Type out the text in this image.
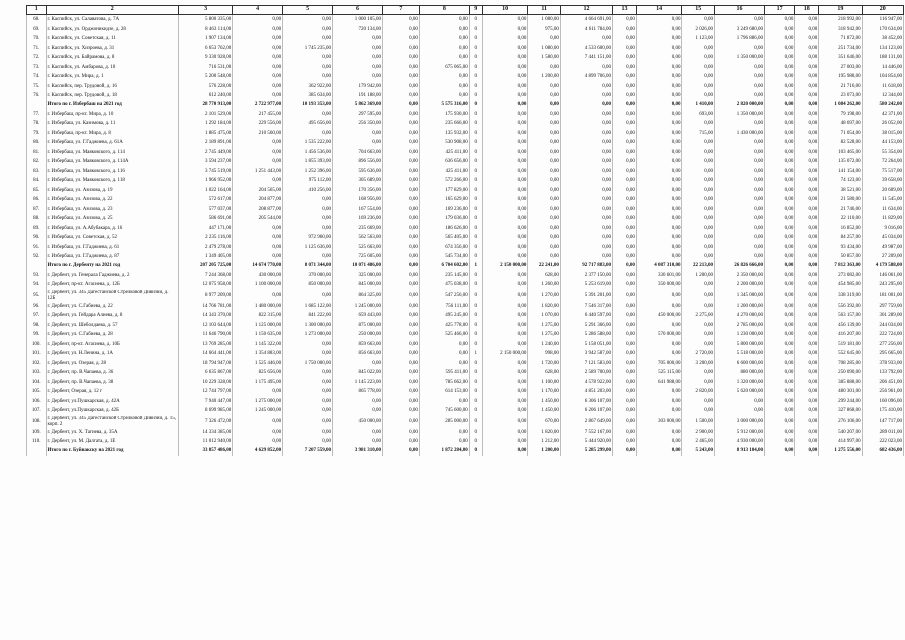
1	2	3	4	5	6	7	8	9	10	11	12	13	14	15	16	17	18	19	20
68.	г. Каспийск, ул. Салаватова, д. 7А	5 800 335,00	0,00	0,00	1 000 105,00	0,00	0,00	0	0,00	1 080,00	4 664 691,00	0,00	0,00	0,00	0,00	0,00	0,00	218 992,00	116 947,00
69.	г. Каспийск, ул. Орджоникидзе, д. 28	8 463 114,00	0,00	0,00	720 134,00	0,00	0,00	0	0,00	975,00	4 611 784,00	0,00	0,00	2 026,00	3 249 680,00	0,00	0,00	318 942,00	170 634,00
70.	г. Каспийск, ул. Советская, д. 11	1 907 134,00	0,00	0,00	0,00	0,00	0,00	0	0,00	0,00	0,00	0,00	0,00	1 123,00	1 796 886,00	0,00	0,00	71 872,00	38 452,00
71.	г. Каспийск, ул. Хизроева, д. 31	6 653 762,00	0,00	1 745 235,00	0,00	0,00	0,00	0	0,00	1 080,00	4 533 600,00	0,00	0,00	0,00	0,00	0,00	0,00	251 734,00	134 123,00
72.	г. Каспийск, ул. Байрамова, д. 8	9 330 928,00	0,00	0,00	0,00	0,00	0,00	0	0,00	1 580,00	7 441 151,00	0,00	0,00	0,00	1 350 000,00	0,00	0,00	351 646,00	188 131,00
73.	г. Каспийск, ул. Амбарова, д. 10	716 531,00	0,00	0,00	0,00	0,00	675 065,00	0	0,00	0,00	0,00	0,00	0,00	0,00	0,00	0,00	0,00	27 003,00	14 446,00
74.	г. Каспийск, ул. Мира, д. 1	5 200 548,00	0,00	0,00	0,00	0,00	0,00	0	0,00	1 200,00	4 899 706,00	0,00	0,00	0,00	0,00	0,00	0,00	195 988,00	104 854,00
75.	г. Каспийск, пер. Трудовой, д. 16	576 228,00	0,00	362 922,00	179 942,00	0,00	0,00	0	0,00	0,00	0,00	0,00	0,00	0,00	0,00	0,00	0,00	21 716,00	11 618,00
76.	г. Каспийск, пер. Трудовой, д. 18	612 240,00	0,00	385 634,00	191 188,00	0,00	0,00	0	0,00	0,00	0,00	0,00	0,00	0,00	0,00	0,00	0,00	23 073,00	12 344,00
	Итого по г. Избербаш на 2021 год	28 770 913,00	2 722 977,00	10 193 353,00	5 862 369,00	0,00	5 575 316,00	0	0,00	0,00	0,00	0,00	0,00	1 410,00	2 820 000,00	0,00	0,00	1 084 262,00	580 242,00
77.	г. Избербаш, пр-кт. Мира, д. 10	2 101 529,00	217 455,00	0,00	297 595,00	0,00	175 930,00	0	0,00	0,00	0,00	0,00	0,00	693,00	1 350 000,00	0,00	0,00	79 198,00	42 371,00
78.	г. Избербаш, ул. Казимова, д. 11	1 292 184,00	229 556,00	495 656,00	256 350,00	0,00	235 666,00	0	0,00	0,00	0,00	0,00	0,00	0,00	0,00	0,00	0,00	48 697,00	26 052,00
79.	г. Избербаш, пр-кт. Мира, д. 8	1 885 475,00	210 560,00	0,00	0,00	0,00	135 932,00	0	0,00	0,00	0,00	0,00	0,00	715,00	1 430 000,00	0,00	0,00	71 054,00	38 015,00
80.	г. Избербаш, ул. Г.Гаджиева, д. 61А	2 189 891,00	0,00	1 535 222,00	0,00	0,00	530 908,00	0	0,00	0,00	0,00	0,00	0,00	0,00	0,00	0,00	0,00	82 528,00	44 153,00
81.	г. Избербаш, ул. Маяковского, д. 114	2 745 449,00	0,00	1 456 536,00	704 663,00	0,00	425 411,00	0	0,00	0,00	0,00	0,00	0,00	0,00	0,00	0,00	0,00	103 465,00	55 354,00
82.	г. Избербаш, ул. Маяковского, д. 114А	3 594 237,00	0,00	1 855 393,00	896 556,00	0,00	636 656,00	0	0,00	0,00	0,00	0,00	0,00	0,00	0,00	0,00	0,00	135 072,00	72 264,00
83.	г. Избербаш, ул. Маяковского, д. 116	3 745 519,00	1 251 443,00	1 252 396,00	595 636,00	0,00	425 411,00	0	0,00	0,00	0,00	0,00	0,00	0,00	0,00	0,00	0,00	141 154,00	75 517,00
84.	г. Избербаш, ул. Маяковского, д. 118	1 966 952,00	0,00	975 112,00	305 689,00	0,00	572 266,00	0	0,00	0,00	0,00	0,00	0,00	0,00	0,00	0,00	0,00	74 123,00	39 658,00
85.	г. Избербаш, ул. Азизова, д. 19	1 022 164,00	204 565,00	410 256,00	170 356,00	0,00	177 829,00	0	0,00	0,00	0,00	0,00	0,00	0,00	0,00	0,00	0,00	38 521,00	20 609,00
86.	г. Избербаш, ул. Азизова, д. 22	572 617,00	204 877,00	0,00	168 956,00	0,00	165 629,00	0	0,00	0,00	0,00	0,00	0,00	0,00	0,00	0,00	0,00	21 580,00	11 545,00
87.	г. Избербаш, ул. Азизова, д. 23	577 037,00	208 877,00	0,00	167 554,00	0,00	169 236,00	0	0,00	0,00	0,00	0,00	0,00	0,00	0,00	0,00	0,00	21 746,00	11 634,00
88.	г. Избербаш, ул. Азизова, д. 25	586 691,00	205 544,00	0,00	169 236,00	0,00	179 036,00	0	0,00	0,00	0,00	0,00	0,00	0,00	0,00	0,00	0,00	22 110,00	11 829,00
89.	г. Избербаш, ул. А.Абубакара, д. 16	447 171,00	0,00	0,00	235 669,00	0,00	186 626,00	0	0,00	0,00	0,00	0,00	0,00	0,00	0,00	0,00	0,00	16 852,00	9 016,00
90.	г. Избербаш, ул. Советская, д. 52	2 235 116,00	0,00	972 960,00	562 563,00	0,00	565 405,00	0	0,00	0,00	0,00	0,00	0,00	0,00	0,00	0,00	0,00	84 257,00	45 034,00
91.	г. Избербаш, ул. Г.Гаджиева, д. 61	2 479 278,00	0,00	1 125 636,00	525 663,00	0,00	674 356,00	0	0,00	0,00	0,00	0,00	0,00	0,00	0,00	0,00	0,00	93 434,00	49 987,00
92.	г. Избербаш, ул. Г.Гаджиева, д. 87	1 349 405,00	0,00	0,00	725 605,00	0,00	545 734,00	0	0,00	0,00	0,00	0,00	0,00	0,00	0,00	0,00	0,00	50 857,00	27 209,00
	Итого по г. Дербенту на 2021 год	207 205 725,00	14 674 770,00	8 071 344,00	10 071 486,00	0,00	6 704 602,00	1	2 150 000,00	22 241,00	92 717 883,00	0,00	4 087 310,00	22 213,00	26 826 666,00	0,00	0,00	7 812 363,00	4 179 588,00
93.	г. Дербент, ул. Генерала Гаджиева, д. 2	7 244 368,00	430 000,00	370 000,00	325 000,00	0,00	235 145,00	0	0,00	628,00	2 377 150,00	0,00	330 601,00	1 200,00	2 350 000,00	0,00	0,00	273 082,00	146 061,00
94.	г. Дербент, пр-кт. Агасиева, д. 12Б	12 075 958,00	1 100 000,00	850 000,00	845 000,00	0,00	475 038,00	0	0,00	1 260,00	5 253 619,00	0,00	350 000,00	0,00	2 200 000,00	0,00	0,00	454 985,00	243 295,00
95.	г. Дербент, ул. 345 Дагестанской Стрелковой Дивизии, д. 12Б	8 977 209,00	0,00	0,00	864 325,00	0,00	547 256,00	0	0,00	1 270,00	5 391 201,00	0,00	0,00	0,00	1 345 000,00	0,00	0,00	338 319,00	181 001,00
96.	г. Дербент, ул. С.Габиева, д. 22	14 766 781,00	1 480 000,00	1 685 122,00	1 245 000,00	0,00	756 111,00	0	0,00	1 820,00	7 546 317,00	0,00	0,00	0,00	1 200 000,00	0,00	0,00	556 392,00	297 759,00
97.	г. Дербент, ул. Гейдара Алиева, д. 8	14 343 370,00	822 315,00	841 222,00	659 443,00	0,00	495 245,00	0	0,00	1 070,00	6 440 597,00	0,00	450 000,00	2 275,00	4 270 000,00	0,00	0,00	563 157,00	301 289,00
98.	г. Дербент, ул. Шеболдаева, д. 57	12 103 644,00	1 125 000,00	1 300 000,00	875 000,00	0,00	425 778,00	0	0,00	1 275,00	5 291 366,00	0,00	0,00	0,00	2 785 000,00	0,00	0,00	456 139,00	244 034,00
99.	г. Дербент, ул. С.Габиева, д. 28	11 646 790,00	1 150 635,00	1 273 000,00	250 000,00	0,00	525 466,00	0	0,00	1 275,00	5 286 588,00	0,00	570 000,00	0,00	1 230 000,00	0,00	0,00	416 207,00	222 724,00
100.	г. Дербент, пр-кт. Агасиева, д. 10Б	13 769 285,00	1 145 322,00	0,00	859 663,00	0,00	0,00	0	0,00	1 240,00	5 158 051,00	0,00	0,00	0,00	5 800 000,00	0,00	0,00	519 181,00	277 256,00
101.	г. Дербент, ул. Н.Ленина, д. 1А	14 664 441,00	1 354 883,00	0,00	856 663,00	0,00	0,00	1	2 150 000,00	998,00	3 942 587,00	0,00	0,00	2 720,00	5 518 000,00	0,00	0,00	552 645,00	295 665,00
102.	г. Дербент, ул. Озерая, д. 28	18 794 947,00	1 525 446,00	1 750 000,00	0,00	0,00	0,00	0	0,00	1 720,00	7 121 583,00	0,00	705 000,00	3 200,00	6 600 000,00	0,00	0,00	708 285,00	378 933,00
103.	г. Дербент, пр. В.Чапаева, д. 36	6 635 867,00	825 656,00	0,00	845 022,00	0,00	595 411,00	0	0,00	628,00	2 589 700,00	0,00	525 115,00	0,00	880 000,00	0,00	0,00	250 090,00	133 792,00
104.	г. Дербент, пр. В.Чапаева, д. 38	10 229 328,00	1 175 495,00	0,00	1 145 223,00	0,00	785 662,00	0	0,00	1 100,00	4 578 922,00	0,00	641 988,00	0,00	1 320 000,00	0,00	0,00	385 888,00	206 451,00
105.	г. Дербент, Озерая, д. 12 г	12 744 797,00	0,00	0,00	865 778,00	0,00	614 153,00	0	0,00	1 170,00	4 851 203,00	0,00	0,00	2 820,00	5 620 000,00	0,00	0,00	480 301,00	256 961,00
106.	г. Дербент, ул.Пушкарская, д. 42А	7 940 447,00	1 275 000,00	0,00	0,00	0,00	0,00	0	0,00	1 450,00	6 306 107,00	0,00	0,00	0,00	0,00	0,00	0,00	299 244,00	160 096,00
107.	г. Дербент, ул.Пушкарская, д. 42Б	8 699 985,00	1 245 000,00	0,00	0,00	0,00	745 600,00	0	0,00	1 450,00	6 206 107,00	0,00	0,00	0,00	0,00	0,00	0,00	327 868,00	175 410,00
108.	г. Дербент, ул. 345 Дагестанской Стрелковой Дивизии, д. 15, корп. 2	7 326 472,00	0,00	0,00	450 000,00	0,00	285 000,00	0	0,00	670,00	2 867 649,00	0,00	303 000,00	1 500,00	3 000 000,00	0,00	0,00	276 106,00	147 717,00
109.	г. Дербент, ул. Х. Тагиева, д. 35А	14 334 385,00	0,00	0,00	0,00	0,00	0,00	0	0,00	1 820,00	7 552 167,00	0,00	0,00	2 900,00	5 912 000,00	0,00	0,00	540 207,00	289 011,00
110.	г. Дербент, ул. М. Далгата, д. 1Е	11 012 940,00	0,00	0,00	0,00	0,00	0,00	0	0,00	1 212,00	5 444 920,00	0,00	0,00	2 465,00	4 930 000,00	0,00	0,00	414 997,00	222 023,00
	Итого по г. Буйнакску на 2021 год	33 857 486,00	4 629 852,00	7 207 559,00	3 981 310,00	0,00	1 872 284,00	0	0,00	1 200,00	5 285 299,00	0,00	0,00	5 243,00	8 913 104,00	0,00	0,00	1 275 556,00	682 436,00
